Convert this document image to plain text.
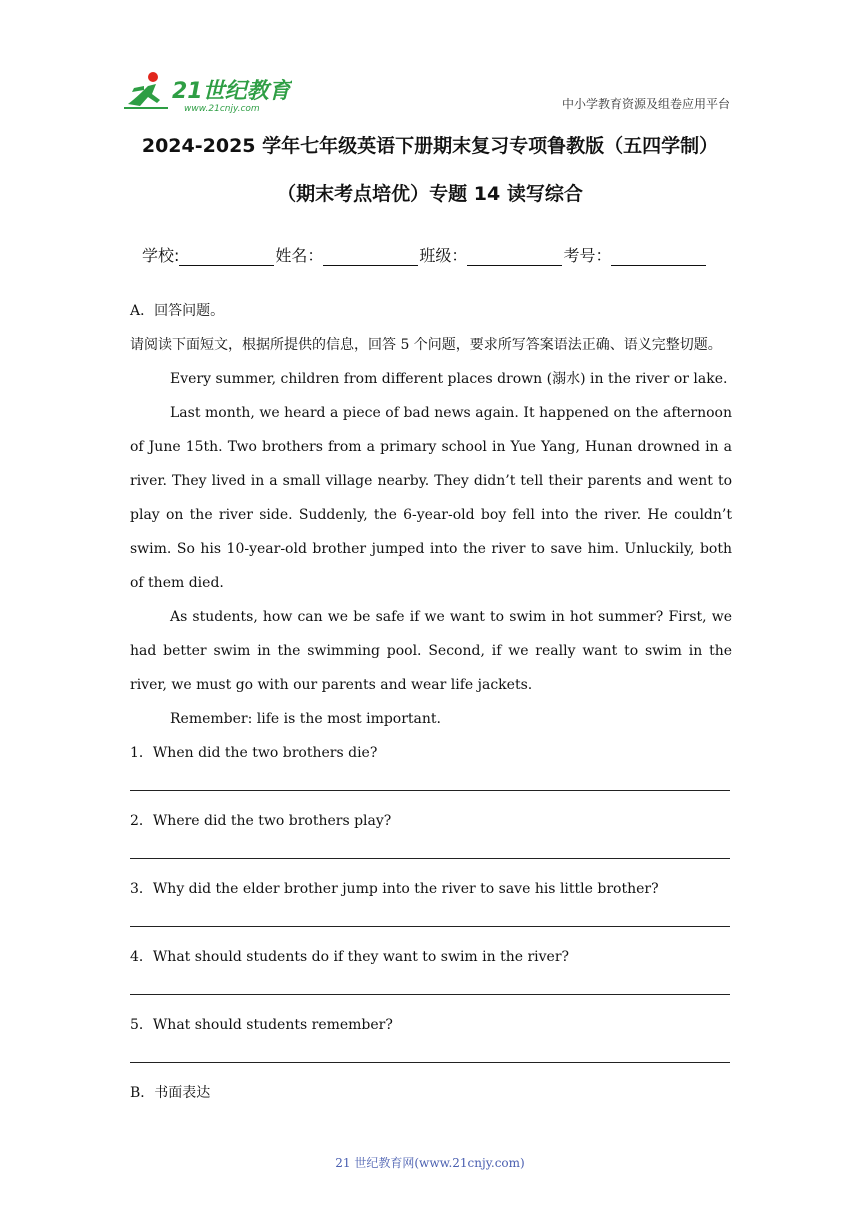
21世纪教育
www.21cnjy.com	中小学教育资源及组卷应用平台
2024-2025 学年七年级英语下册期末复习专项鲁教版（五四学制）
（期末考点培优）专题 14 读写综合
学校:	姓名：	班级：	考号：

A．回答问题。

请阅读下面短文，根据所提供的信息，回答 5 个问题，要求所写答案语法正确、语义完整切题。

Every summer, children from different places drown (溺水) in the river or lake.

Last month, we heard a piece of bad news again. It happened on the afternoon of June 15th. Two brothers from a primary school in Yue Yang, Hunan drowned in a river. They lived in a small village nearby. They didn’t tell their parents and went to play on the river side. Suddenly, the 6-year-old boy fell into the river. He couldn’t swim. So his 10-year-old brother jumped into the river to save him. Unluckily, both of them died.

As students, how can we be safe if we want to swim in hot summer? First, we had better swim in the swimming pool. Second, if we really want to swim in the river, we must go with our parents and wear life jackets.

Remember: life is the most important.

1．When did the two brothers die?

2．Where did the two brothers play?

3．Why did the elder brother jump into the river to save his little brother?

4．What should students do if they want to swim in the river?

5．What should students remember?

B．书面表达

21 世纪教育网(www.21cnjy.com)
